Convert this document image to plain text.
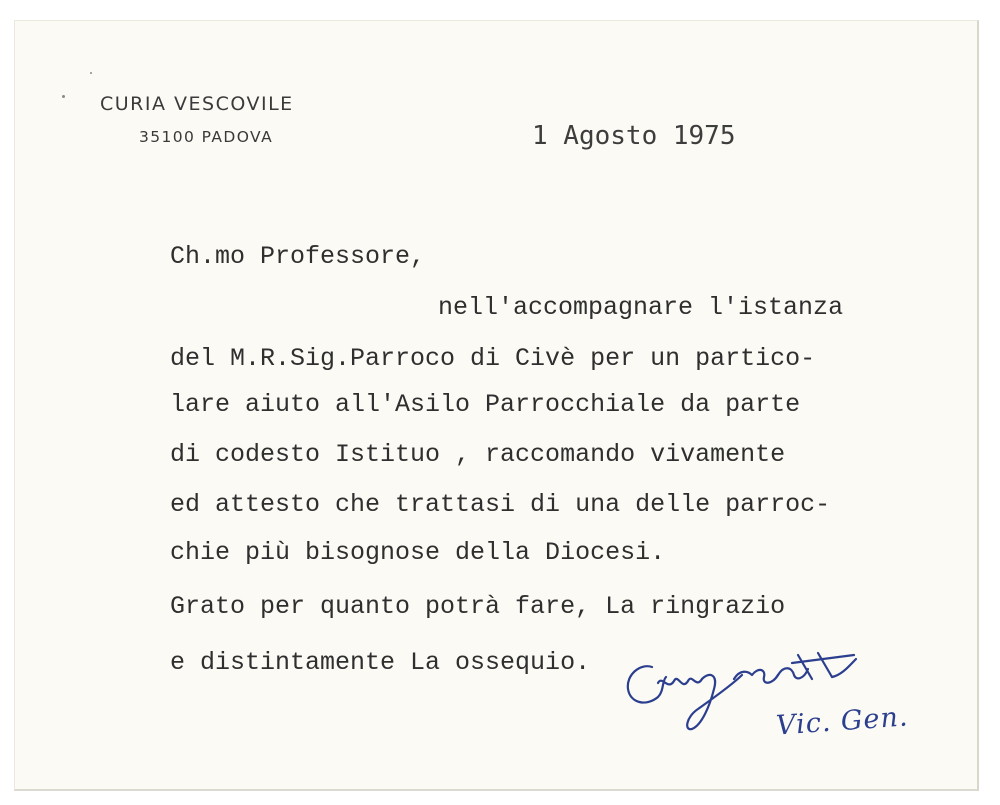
CURIA VESCOVILE
35100 PADOVA	1 Agosto 1975
Ch.mo Professore,
nell'accompagnare l'istanza
del M.R.Sig.Parroco di Civè per un partico-
lare aiuto all'Asilo Parrocchiale da parte
di codesto Istituo , raccomando vivamente
ed attesto che trattasi di una delle parroc-
chie più bisognose della Diocesi.
Grato per quanto potrà fare, La ringrazio
e distintamente La ossequio.
Vic. Gen.
